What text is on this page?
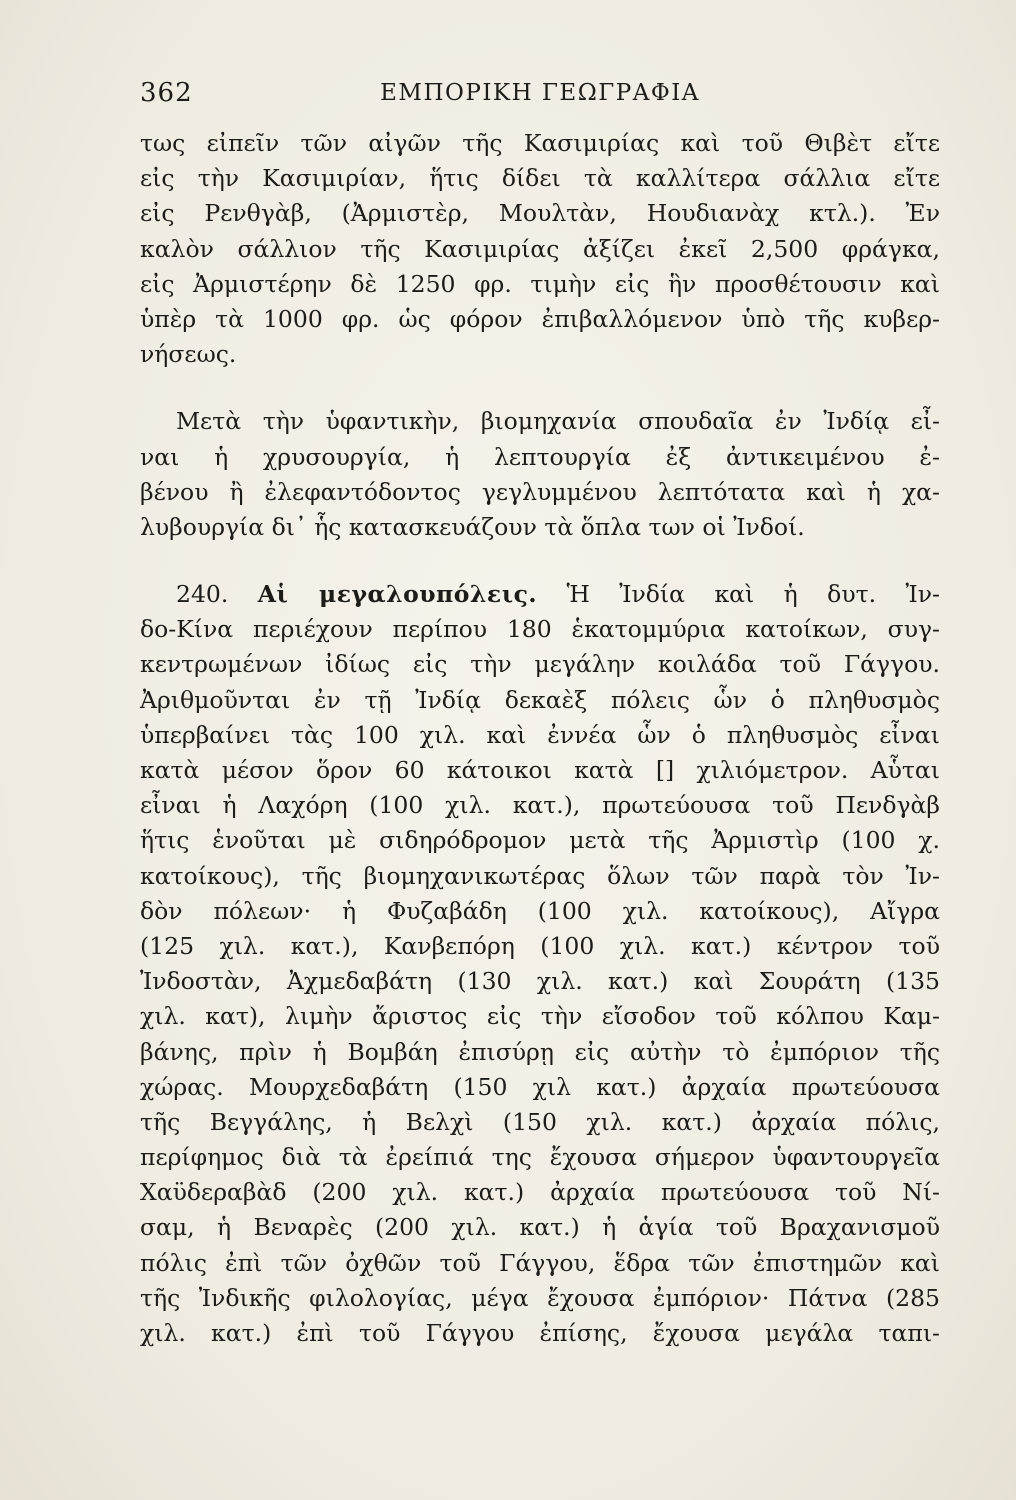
362	ΕΜΠΟΡΙΚΗ ΓΕΩΓΡΑΦΙΑ
τως εἰπεῖν τῶν αἰγῶν τῆς Κασιμιρίας καὶ τοῦ Θιβὲτ εἴτε
εἰς τὴν Κασιμιρίαν, ἥτις δίδει τὰ καλλίτερα σάλλια εἴτε
εἰς Ρενθγὰβ, (Ἀρμιστὲρ, Μουλτὰν, Ηουδιανὰχ κτλ.). Ἐν
καλὸν σάλλιον τῆς Κασιμιρίας ἀξίζει ἐκεῖ 2,500 φράγκα,
εἰς Ἀρμιστέρην δὲ 1250 φρ. τιμὴν εἰς ἣν προσθέτουσιν καὶ
ὑπὲρ τὰ 1000 φρ. ὡς φόρον ἐπιβαλλόμενον ὑπὸ τῆς κυβερ-
νήσεως.
Μετὰ τὴν ὑφαντικὴν, βιομηχανία σπουδαῖα ἐν Ἰνδίᾳ εἶ-
ναι ἡ χρυσουργία, ἡ λεπτουργία ἐξ ἀντικειμένου ἐ-
βένου ἢ ἐλεφαντόδοντος γεγλυμμένου λεπτότατα καὶ ἡ χα-
λυβουργία δι᾽ ἧς κατασκευάζουν τὰ ὅπλα των οἱ Ἰνδοί.
240. Αἱ μεγαλουπόλεις. Ἡ Ἰνδία καὶ ἡ δυτ. Ἰν-
δο-Κίνα περιέχουν περίπου 180 ἑκατομμύρια κατοίκων, συγ-
κεντρωμένων ἰδίως εἰς τὴν μεγάλην κοιλάδα τοῦ Γάγγου.
Ἀριθμοῦνται ἐν τῇ Ἰνδίᾳ δεκαὲξ πόλεις ὧν ὁ πληθυσμὸς
ὑπερβαίνει τὰς 100 χιλ. καὶ ἐννέα ὧν ὁ πληθυσμὸς εἶναι
κατὰ μέσον ὅρον 60 κάτοικοι κατὰ [] χιλιόμετρον. Αὗται
εἶναι ἡ Λαχόρη (100 χιλ. κατ.), πρωτεύουσα τοῦ Πενδγὰβ
ἥτις ἑνοῦται μὲ σιδηρόδρομον μετὰ τῆς Ἀρμιστὶρ (100 χ.
κατοίκους), τῆς βιομηχανικωτέρας ὅλων τῶν παρὰ τὸν Ἰν-
δὸν πόλεων· ἡ Φυζαβάδη (100 χιλ. κατοίκους), Αἴγρα
(125 χιλ. κατ.), Κανβεπόρη (100 χιλ. κατ.) κέντρον τοῦ
Ἰνδοστὰν, Ἀχμεδαβάτη (130 χιλ. κατ.) καὶ Σουράτη (135
χιλ. κατ), λιμὴν ἄριστος εἰς τὴν εἴσοδον τοῦ κόλπου Καμ-
βάνης, πρὶν ἡ Βομβάη ἐπισύρῃ εἰς αὐτὴν τὸ ἐμπόριον τῆς
χώρας. Μουρχεδαβάτη (150 χιλ κατ.) ἀρχαία πρωτεύουσα
τῆς Βεγγάλης, ἡ Βελχὶ (150 χιλ. κατ.) ἀρχαία πόλις,
περίφημος διὰ τὰ ἐρείπιά της ἔχουσα σήμερον ὑφαντουργεῖα
Χαϋδεραβὰδ (200 χιλ. κατ.) ἀρχαία πρωτεύουσα τοῦ Νί-
σαμ, ἡ Βεναρὲς (200 χιλ. κατ.) ἡ ἁγία τοῦ Βραχανισμοῦ
πόλις ἐπὶ τῶν ὀχθῶν τοῦ Γάγγου, ἕδρα τῶν ἐπιστημῶν καὶ
τῆς Ἰνδικῆς φιλολογίας, μέγα ἔχουσα ἐμπόριον· Πάτνα (285
χιλ. κατ.) ἐπὶ τοῦ Γάγγου ἐπίσης, ἔχουσα μεγάλα ταπι-
